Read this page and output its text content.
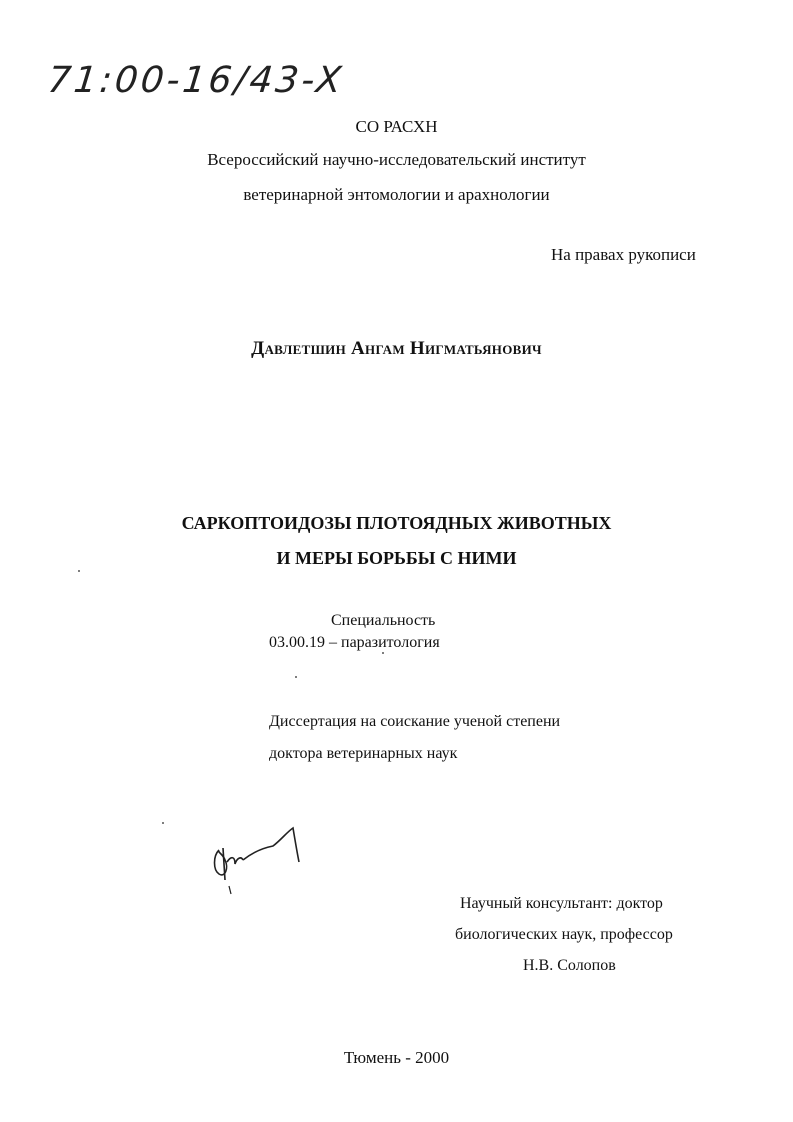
71:00-16/43-X
СО РАСХН
Всероссийский научно-исследовательский институт
ветеринарной энтомологии и арахнологии
На правах рукописи
Давлетшин Ангам Нигматьянович
САРКОПТОИДОЗЫ ПЛОТОЯДНЫХ ЖИВОТНЫХ
И МЕРЫ БОРЬБЫ С НИМИ
Специальность
03.00.19 – паразитология
Диссертация на соискание ученой степени
доктора ветеринарных наук
Научный консультант: доктор
биологических наук, профессор
Н.В. Солопов
Тюмень - 2000
